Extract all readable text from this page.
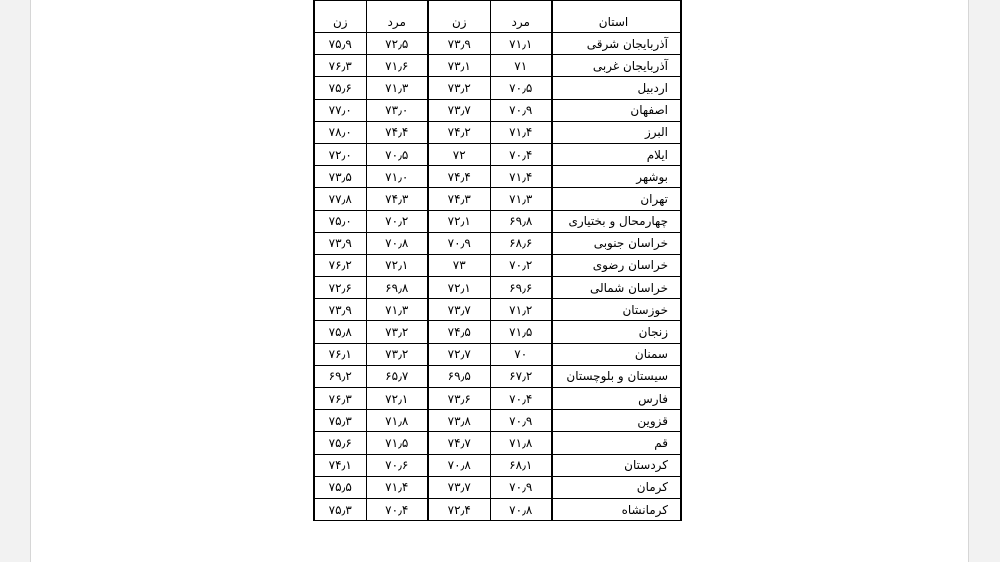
استان	مرد	زن	مرد	زن
آذربایجان شرقی	۷۱٫۱	۷۳٫۹	۷۲٫۵	۷۵٫۹
آذربایجان غربی	۷۱	۷۳٫۱	۷۱٫۶	۷۶٫۳
اردبیل	۷۰٫۵	۷۳٫۲	۷۱٫۳	۷۵٫۶
اصفهان	۷۰٫۹	۷۳٫۷	۷۳٫۰	۷۷٫۰
البرز	۷۱٫۴	۷۴٫۲	۷۴٫۴	۷۸٫۰
ایلام	۷۰٫۴	۷۲	۷۰٫۵	۷۲٫۰
بوشهر	۷۱٫۴	۷۴٫۴	۷۱٫۰	۷۳٫۵
تهران	۷۱٫۳	۷۴٫۳	۷۴٫۳	۷۷٫۸
چهارمحال و بختیاری	۶۹٫۸	۷۲٫۱	۷۰٫۲	۷۵٫۰
خراسان جنوبی	۶۸٫۶	۷۰٫۹	۷۰٫۸	۷۳٫۹
خراسان رضوی	۷۰٫۲	۷۳	۷۲٫۱	۷۶٫۲
خراسان شمالی	۶۹٫۶	۷۲٫۱	۶۹٫۸	۷۲٫۶
خوزستان	۷۱٫۲	۷۳٫۷	۷۱٫۳	۷۳٫۹
زنجان	۷۱٫۵	۷۴٫۵	۷۳٫۲	۷۵٫۸
سمنان	۷۰	۷۲٫۷	۷۳٫۲	۷۶٫۱
سیستان و بلوچستان	۶۷٫۲	۶۹٫۵	۶۵٫۷	۶۹٫۲
فارس	۷۰٫۴	۷۳٫۶	۷۲٫۱	۷۶٫۳
قزوین	۷۰٫۹	۷۳٫۸	۷۱٫۸	۷۵٫۳
قم	۷۱٫۸	۷۴٫۷	۷۱٫۵	۷۵٫۶
کردستان	۶۸٫۱	۷۰٫۸	۷۰٫۶	۷۴٫۱
کرمان	۷۰٫۹	۷۳٫۷	۷۱٫۴	۷۵٫۵
کرمانشاه	۷۰٫۸	۷۲٫۴	۷۰٫۴	۷۵٫۳
